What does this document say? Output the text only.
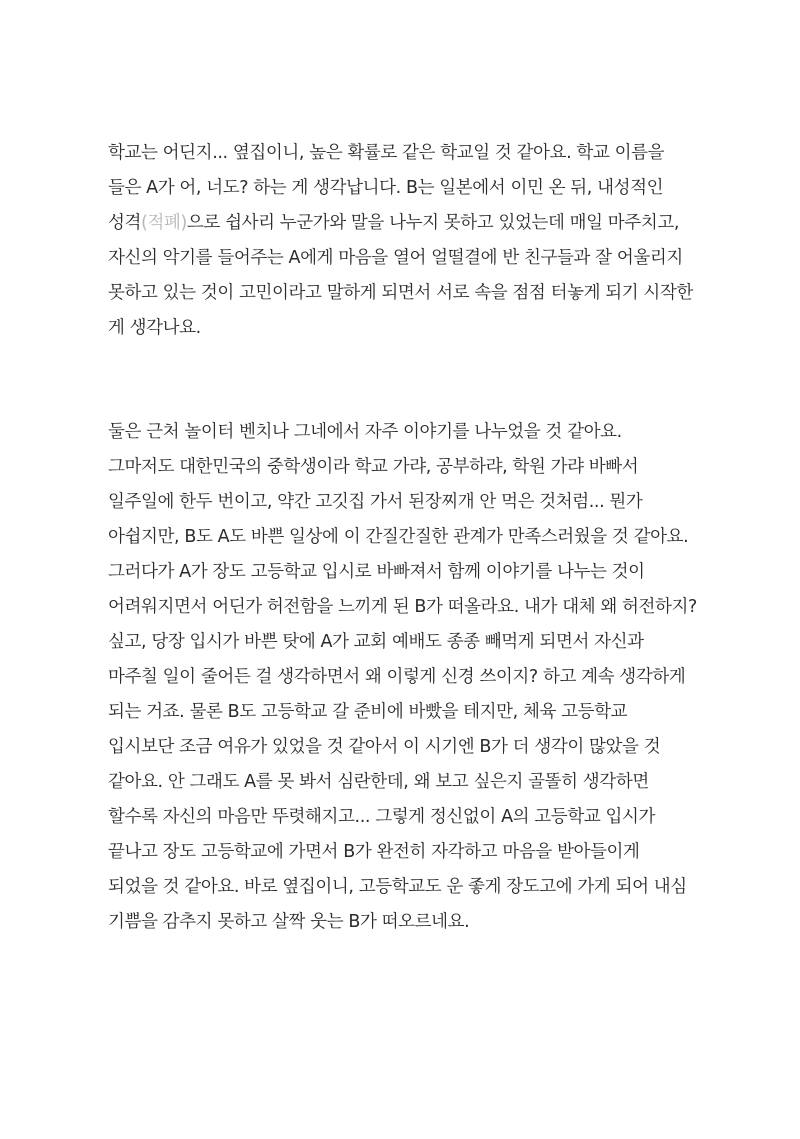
학교는 어딘지... 옆집이니, 높은 확률로 같은 학교일 것 같아요. 학교 이름을
들은 A가 어, 너도? 하는 게 생각납니다. B는 일본에서 이민 온 뒤, 내성적인
성격(적폐)으로 쉽사리 누군가와 말을 나누지 못하고 있었는데 매일 마주치고,
자신의 악기를 들어주는 A에게 마음을 열어 얼떨결에 반 친구들과 잘 어울리지
못하고 있는 것이 고민이라고 말하게 되면서 서로 속을 점점 터놓게 되기 시작한
게 생각나요.
둘은 근처 놀이터 벤치나 그네에서 자주 이야기를 나누었을 것 같아요.
그마저도 대한민국의 중학생이라 학교 가랴, 공부하랴, 학원 가랴 바빠서
일주일에 한두 번이고, 약간 고깃집 가서 된장찌개 안 먹은 것처럼... 뭔가
아쉽지만, B도 A도 바쁜 일상에 이 간질간질한 관계가 만족스러웠을 것 같아요.
그러다가 A가 장도 고등학교 입시로 바빠져서 함께 이야기를 나누는 것이
어려워지면서 어딘가 허전함을 느끼게 된 B가 떠올라요. 내가 대체 왜 허전하지?
싶고, 당장 입시가 바쁜 탓에 A가 교회 예배도 종종 빼먹게 되면서 자신과
마주칠 일이 줄어든 걸 생각하면서 왜 이렇게 신경 쓰이지? 하고 계속 생각하게
되는 거죠. 물론 B도 고등학교 갈 준비에 바빴을 테지만, 체육 고등학교
입시보단 조금 여유가 있었을 것 같아서 이 시기엔 B가 더 생각이 많았을 것
같아요. 안 그래도 A를 못 봐서 심란한데, 왜 보고 싶은지 골똘히 생각하면
할수록 자신의 마음만 뚜렷해지고... 그렇게 정신없이 A의 고등학교 입시가
끝나고 장도 고등학교에 가면서 B가 완전히 자각하고 마음을 받아들이게
되었을 것 같아요. 바로 옆집이니, 고등학교도 운 좋게 장도고에 가게 되어 내심
기쁨을 감추지 못하고 살짝 웃는 B가 떠오르네요.
